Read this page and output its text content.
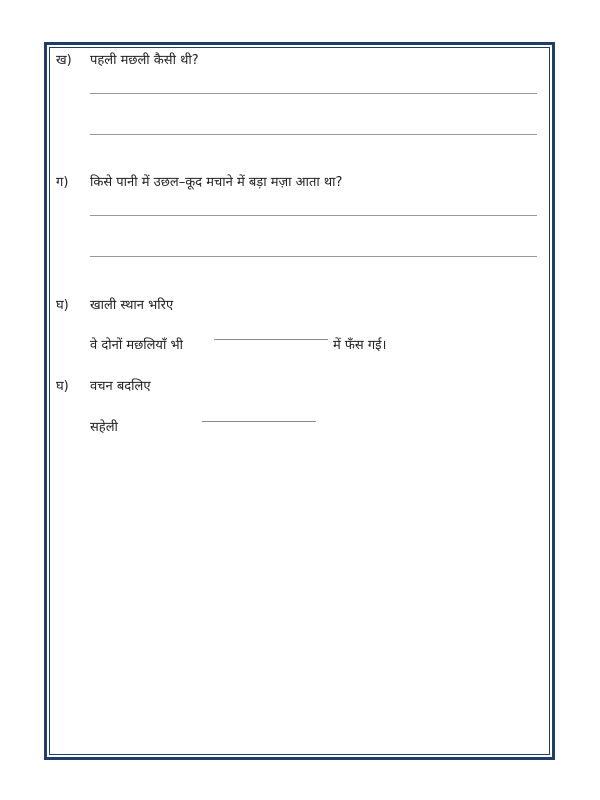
ख) पहली मछली कैसी थी?
ग) किसे पानी में उछल–कूद मचाने में बड़ा मज़ा आता था?
घ) खाली स्थान भरिए
वे दोनों मछलियाँ भी	में फँस गई।
घ) वचन बदलिए
सहेली
